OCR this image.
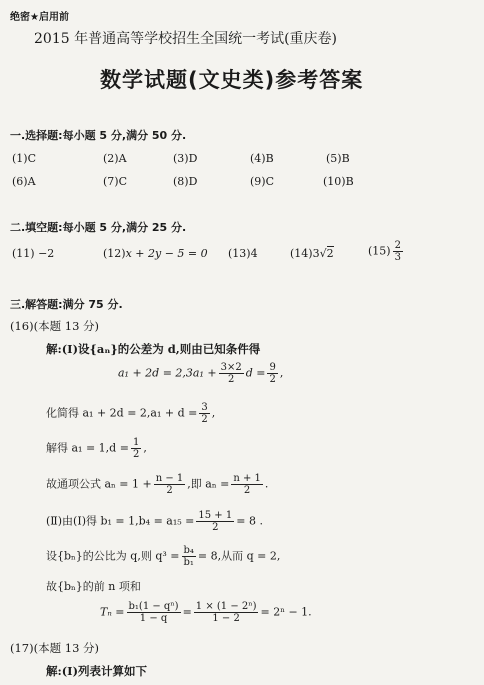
绝密★启用前
2015 年普通高等学校招生全国统一考试(重庆卷)
数学试题(文史类)参考答案
一.选择题:每小题 5 分,满分 50 分.
(1)C	(2)A	(3)D	(4)B	(5)B
(6)A	(7)C	(8)D	(9)C	(10)B
二.填空题:每小题 5 分,满分 25 分.
(11) −2	(12)x + 2y − 5 = 0 (13)4	(14)3√2	$(15) \frac{2}{3}$
三.解答题:满分 75 分.
(16)(本题 13 分)
解:(Ⅰ)设{aₙ}的公差为 d,则由已知条件得
$a_1 + 2d = 2,3a_1 + \frac{3\times 2}{2}$ $d = \frac{9}{2}$ ,
化简得 $a_1 + 2d = 2,a_1 + d = \frac{3}{2}$ ,
解得 $a_1 = 1,d = \frac{1}{2}$ ,
故通项公式 $a_n = 1 + \frac{n - 1}{2}$ ,即 $a_n = \frac{n + 1}{2}$ .
(Ⅱ)由(Ⅰ)得 $b_1 = 1,b_4 = a_{15} = \frac{15 + 1}{2} = 8$ .
设{bₙ}的公比为 q,则 $q^3 = \frac{\text{b₄}}{\text{b₁}} = 8$,从而 q = 2,
故{bₙ}的前 n 项和
$T_n = \frac{\text{b₁(1 − qⁿ)}}{1 - q} = \frac{\text{1 × (1 − 2ⁿ)}}{1 - 2} = 2^n - 1$.
(17)(本题 13 分)
解:(Ⅰ)列表计算如下
